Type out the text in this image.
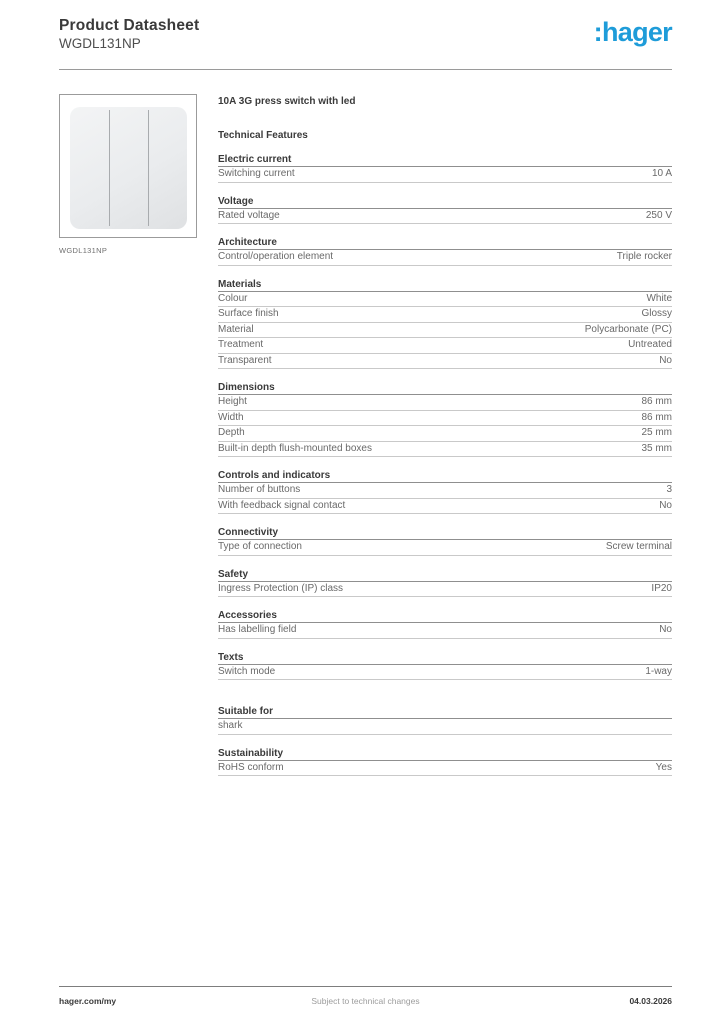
Product Datasheet
WGDL131NP	:hager
WGDL131NP
10A 3G press switch with led
Technical Features
Electric current
Switching current	10 A
Voltage
Rated voltage	250 V
Architecture
Control/operation element	Triple rocker
Materials
Colour	White
Surface finish	Glossy
Material	Polycarbonate (PC)
Treatment	Untreated
Transparent	No
Dimensions
Height	86 mm
Width	86 mm
Depth	25 mm
Built-in depth flush-mounted boxes	35 mm
Controls and indicators
Number of buttons	3
With feedback signal contact	No
Connectivity
Type of connection	Screw terminal
Safety
Ingress Protection (IP) class	IP20
Accessories
Has labelling field	No
Texts
Switch mode	1-way
Suitable for
shark
Sustainability
RoHS conform	Yes
Subject to technical changes
hager.com/my	04.03.2026
